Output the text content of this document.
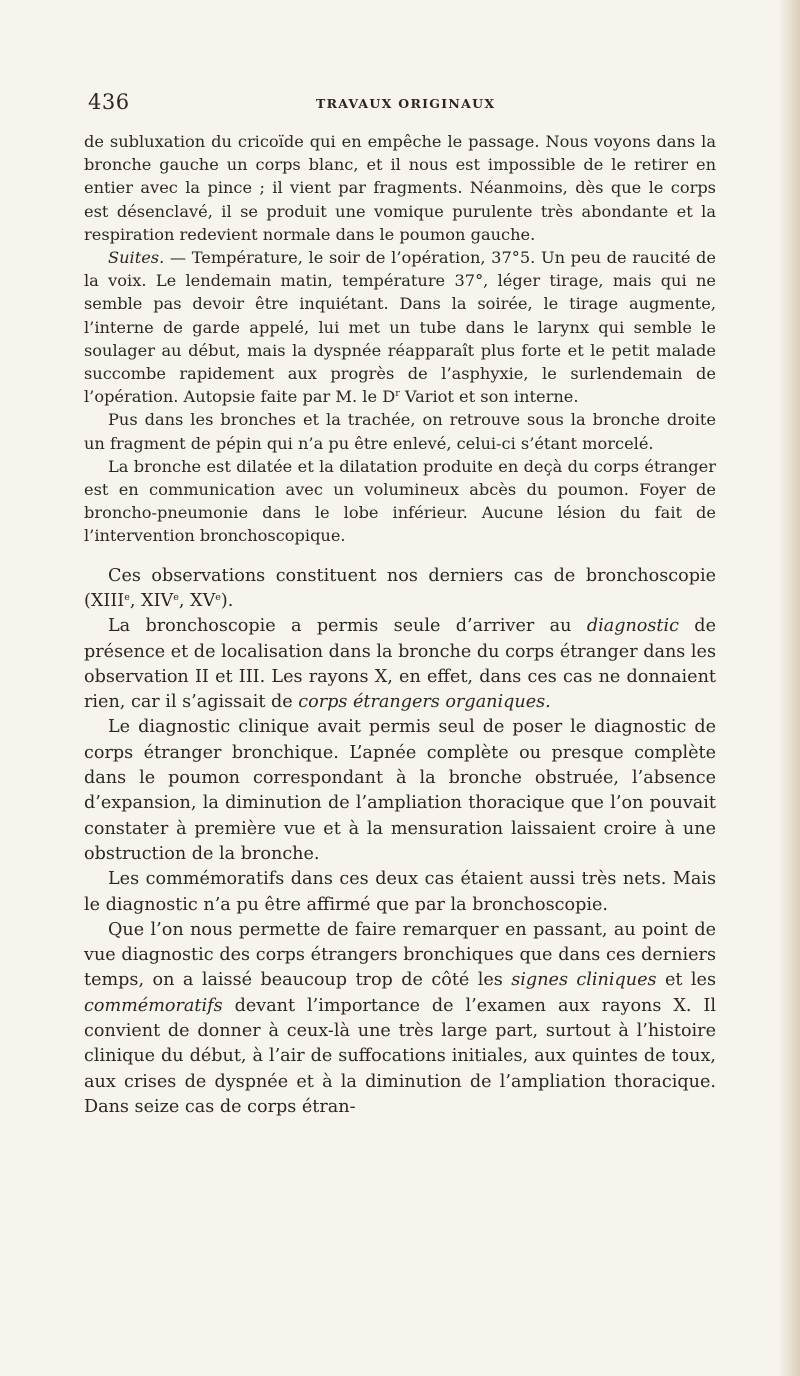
436	TRAVAUX ORIGINAUX

de subluxation du cricoïde qui en empêche le passage. Nous voyons dans la bronche gauche un corps blanc, et il nous est impossible de le retirer en entier avec la pince ; il vient par fragments. Néanmoins, dès que le corps est désenclavé, il se produit une vomique purulente très abondante et la respiration redevient normale dans le poumon gauche.

Suites. — Température, le soir de l’opération, 37°5. Un peu de raucité de la voix. Le lendemain matin, température 37°, léger tirage, mais qui ne semble pas devoir être inquiétant. Dans la soirée, le tirage augmente, l’interne de garde appelé, lui met un tube dans le larynx qui semble le soulager au début, mais la dyspnée réapparaît plus forte et le petit malade succombe rapidement aux progrès de l’asphyxie, le surlendemain de l’opération. Autopsie faite par M. le $D^r$ Variot et son interne.

Pus dans les bronches et la trachée, on retrouve sous la bronche droite un fragment de pépin qui n’a pu être enlevé, celui-ci s’étant morcelé.

La bronche est dilatée et la dilatation produite en deçà du corps étranger est en communication avec un volumineux abcès du poumon. Foyer de broncho-pneumonie dans le lobe inférieur. Aucune lésion du fait de l’intervention bronchoscopique.

Ces observations constituent nos derniers cas de bronchoscopie (XIIIe, XIVe, XVe).

La bronchoscopie a permis seule d’arriver au diagnostic de présence et de localisation dans la bronche du corps étranger dans les observation II et III. Les rayons X, en effet, dans ces cas ne donnaient rien, car il s’agissait de corps étrangers organiques.

Le diagnostic clinique avait permis seul de poser le diagnostic de corps étranger bronchique. L’apnée complète ou presque complète dans le poumon correspondant à la bronche obstruée, l’absence d’expansion, la diminution de l’ampliation thoracique que l’on pouvait constater à première vue et à la mensuration laissaient croire à une obstruction de la bronche.

Les commémoratifs dans ces deux cas étaient aussi très nets. Mais le diagnostic n’a pu être affirmé que par la bronchoscopie.

Que l’on nous permette de faire remarquer en passant, au point de vue diagnostic des corps étrangers bronchiques que dans ces derniers temps, on a laissé beaucoup trop de côté les signes cliniques et les commémoratifs devant l’importance de l’examen aux rayons X. Il convient de donner à ceux-là une très large part, surtout à l’histoire clinique du début, à l’air de suffocations initiales, aux quintes de toux, aux crises de dyspnée et à la diminution de l’ampliation thoracique. Dans seize cas de corps étran-
